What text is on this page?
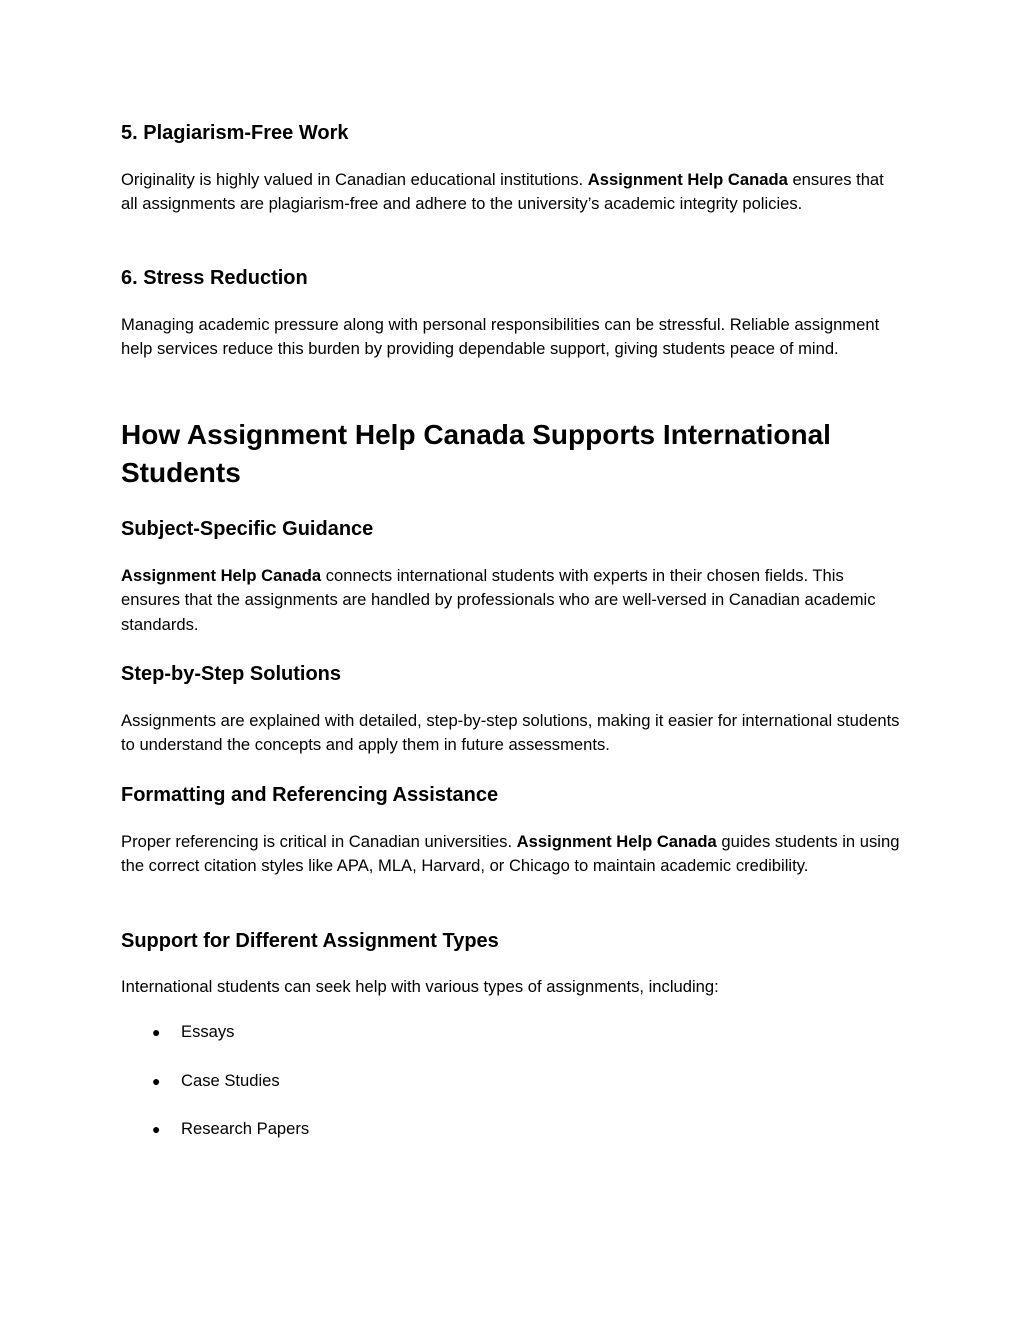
5. Plagiarism-Free Work

Originality is highly valued in Canadian educational institutions. Assignment Help Canada ensures that all assignments are plagiarism-free and adhere to the university’s academic integrity policies.

6. Stress Reduction

Managing academic pressure along with personal responsibilities can be stressful. Reliable assignment help services reduce this burden by providing dependable support, giving students peace of mind.

How Assignment Help Canada Supports International Students
Subject-Specific Guidance

Assignment Help Canada connects international students with experts in their chosen fields. This ensures that the assignments are handled by professionals who are well-versed in Canadian academic standards.

Step-by-Step Solutions

Assignments are explained with detailed, step-by-step solutions, making it easier for international students to understand the concepts and apply them in future assessments.

Formatting and Referencing Assistance

Proper referencing is critical in Canadian universities. Assignment Help Canada guides students in using the correct citation styles like APA, MLA, Harvard, or Chicago to maintain academic credibility.

Support for Different Assignment Types

International students can seek help with various types of assignments, including:

● Essays
● Case Studies
● Research Papers
